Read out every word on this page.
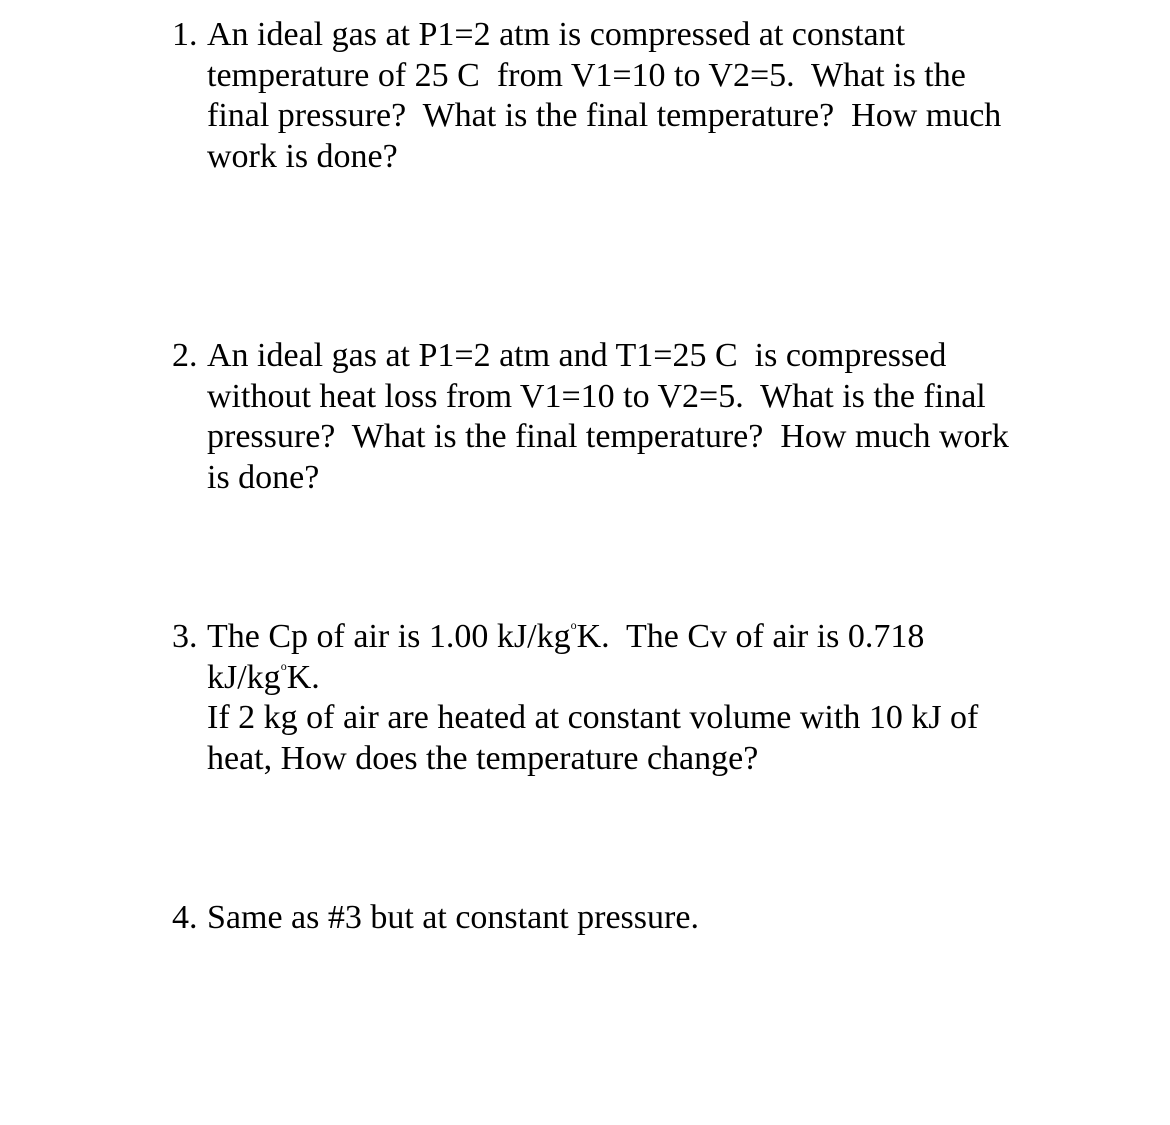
1. An ideal gas at P1=2 atm is compressed at constant
temperature of 25 C  from V1=10 to V2=5.  What is the
final pressure?  What is the final temperature?  How much
work is done?
2. An ideal gas at P1=2 atm and T1=25 C  is compressed
without heat loss from V1=10 to V2=5.  What is the final
pressure?  What is the final temperature?  How much work
is done?
3. The Cp of air is 1.00 $kJ/kg^oK$.  The Cv of air is 0.718
$kJ/kg^oK$.
If 2 kg of air are heated at constant volume with 10 kJ of
heat, How does the temperature change?
4. Same as #3 but at constant pressure.
